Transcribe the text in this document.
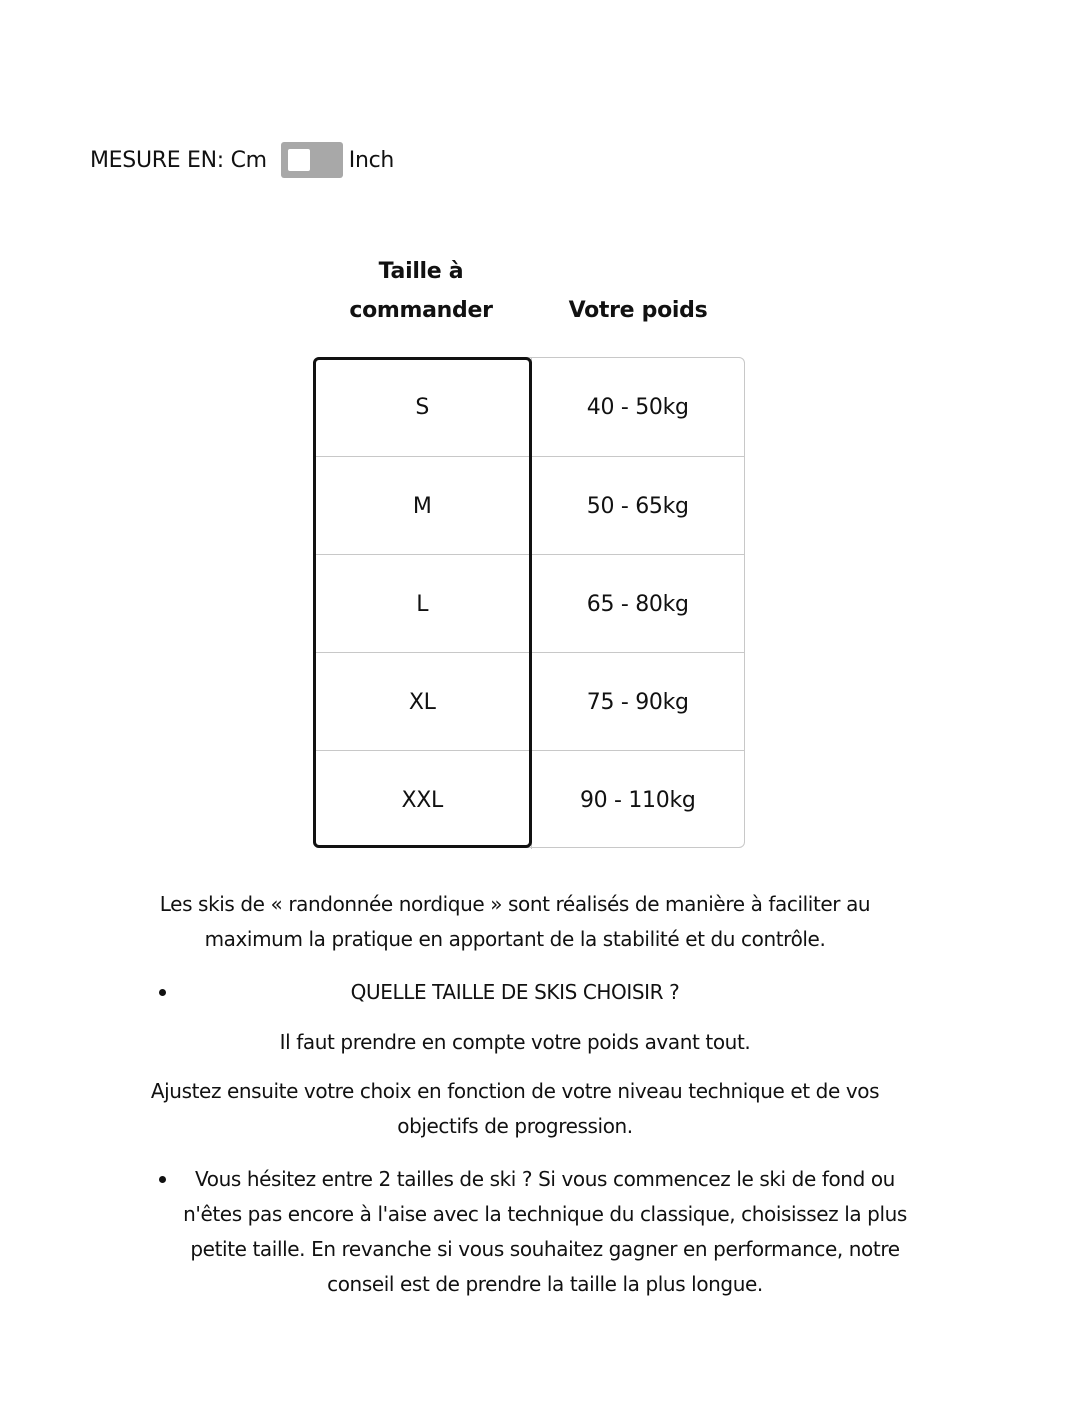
MESURE EN: Cm	Inch
Taille à commander	Votre poids
S	40 - 50kg
M	50 - 65kg
L	65 - 80kg
XL	75 - 90kg
XXL	90 - 110kg
Les skis de « randonnée nordique » sont réalisés de manière à faciliter au maximum la pratique en apportant de la stabilité et du contrôle.
QUELLE TAILLE DE SKIS CHOISIR ?
Il faut prendre en compte votre poids avant tout.
Ajustez ensuite votre choix en fonction de votre niveau technique et de vos objectifs de progression.
Vous hésitez entre 2 tailles de ski ? Si vous commencez le ski de fond ou n'êtes pas encore à l'aise avec la technique du classique, choisissez la plus petite taille. En revanche si vous souhaitez gagner en performance, notre conseil est de prendre la taille la plus longue.
